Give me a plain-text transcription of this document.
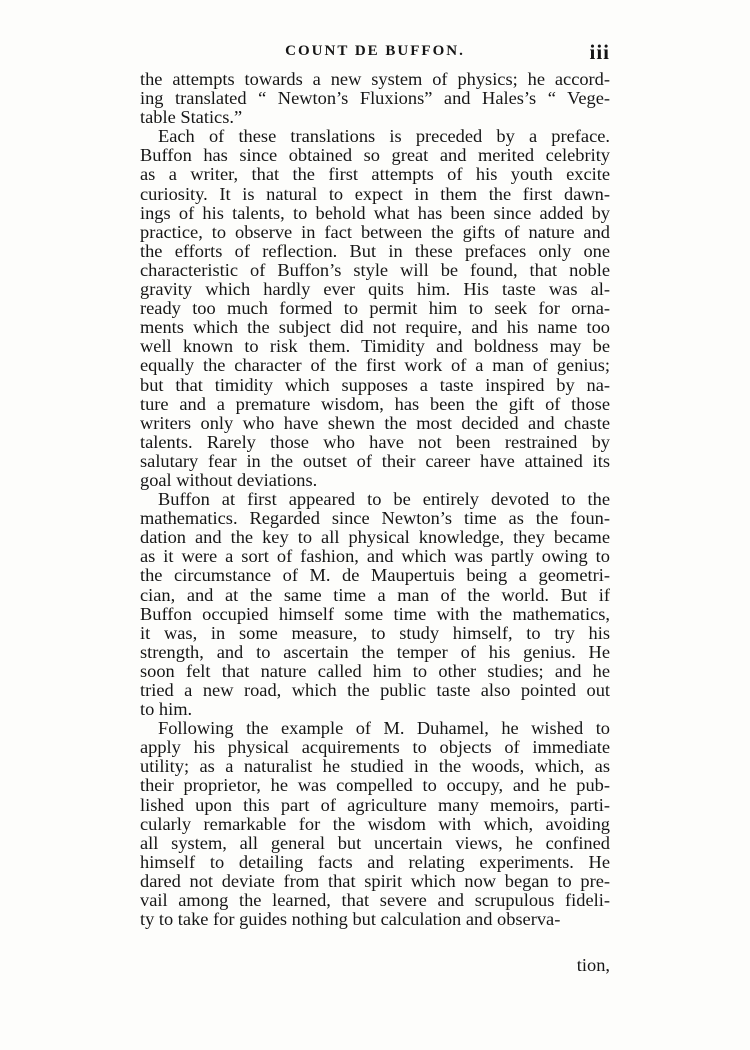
COUNT DE BUFFON.	iii

the attempts towards a new system of physics; he accord-
ing translated “ Newton’s Fluxions” and Hales’s “ Vege-
table Statics.”

Each of these translations is preceded by a preface.
Buffon has since obtained so great and merited celebrity
as a writer, that the first attempts of his youth excite
curiosity. It is natural to expect in them the first dawn-
ings of his talents, to behold what has been since added by
practice, to observe in fact between the gifts of nature and
the efforts of reflection. But in these prefaces only one
characteristic of Buffon’s style will be found, that noble
gravity which hardly ever quits him. His taste was al-
ready too much formed to permit him to seek for orna-
ments which the subject did not require, and his name too
well known to risk them. Timidity and boldness may be
equally the character of the first work of a man of genius;
but that timidity which supposes a taste inspired by na-
ture and a premature wisdom, has been the gift of those
writers only who have shewn the most decided and chaste
talents. Rarely those who have not been restrained by
salutary fear in the outset of their career have attained its
goal without deviations.

Buffon at first appeared to be entirely devoted to the
mathematics. Regarded since Newton’s time as the foun-
dation and the key to all physical knowledge, they became
as it were a sort of fashion, and which was partly owing to
the circumstance of M. de Maupertuis being a geometri-
cian, and at the same time a man of the world. But if
Buffon occupied himself some time with the mathematics,
it was, in some measure, to study himself, to try his
strength, and to ascertain the temper of his genius. He
soon felt that nature called him to other studies; and he
tried a new road, which the public taste also pointed out
to him.

Following the example of M. Duhamel, he wished to
apply his physical acquirements to objects of immediate
utility; as a naturalist he studied in the woods, which, as
their proprietor, he was compelled to occupy, and he pub-
lished upon this part of agriculture many memoirs, parti-
cularly remarkable for the wisdom with which, avoiding
all system, all general but uncertain views, he confined
himself to detailing facts and relating experiments. He
dared not deviate from that spirit which now began to pre-
vail among the learned, that severe and scrupulous fideli-
ty to take for guides nothing but calculation and observa-

tion,
